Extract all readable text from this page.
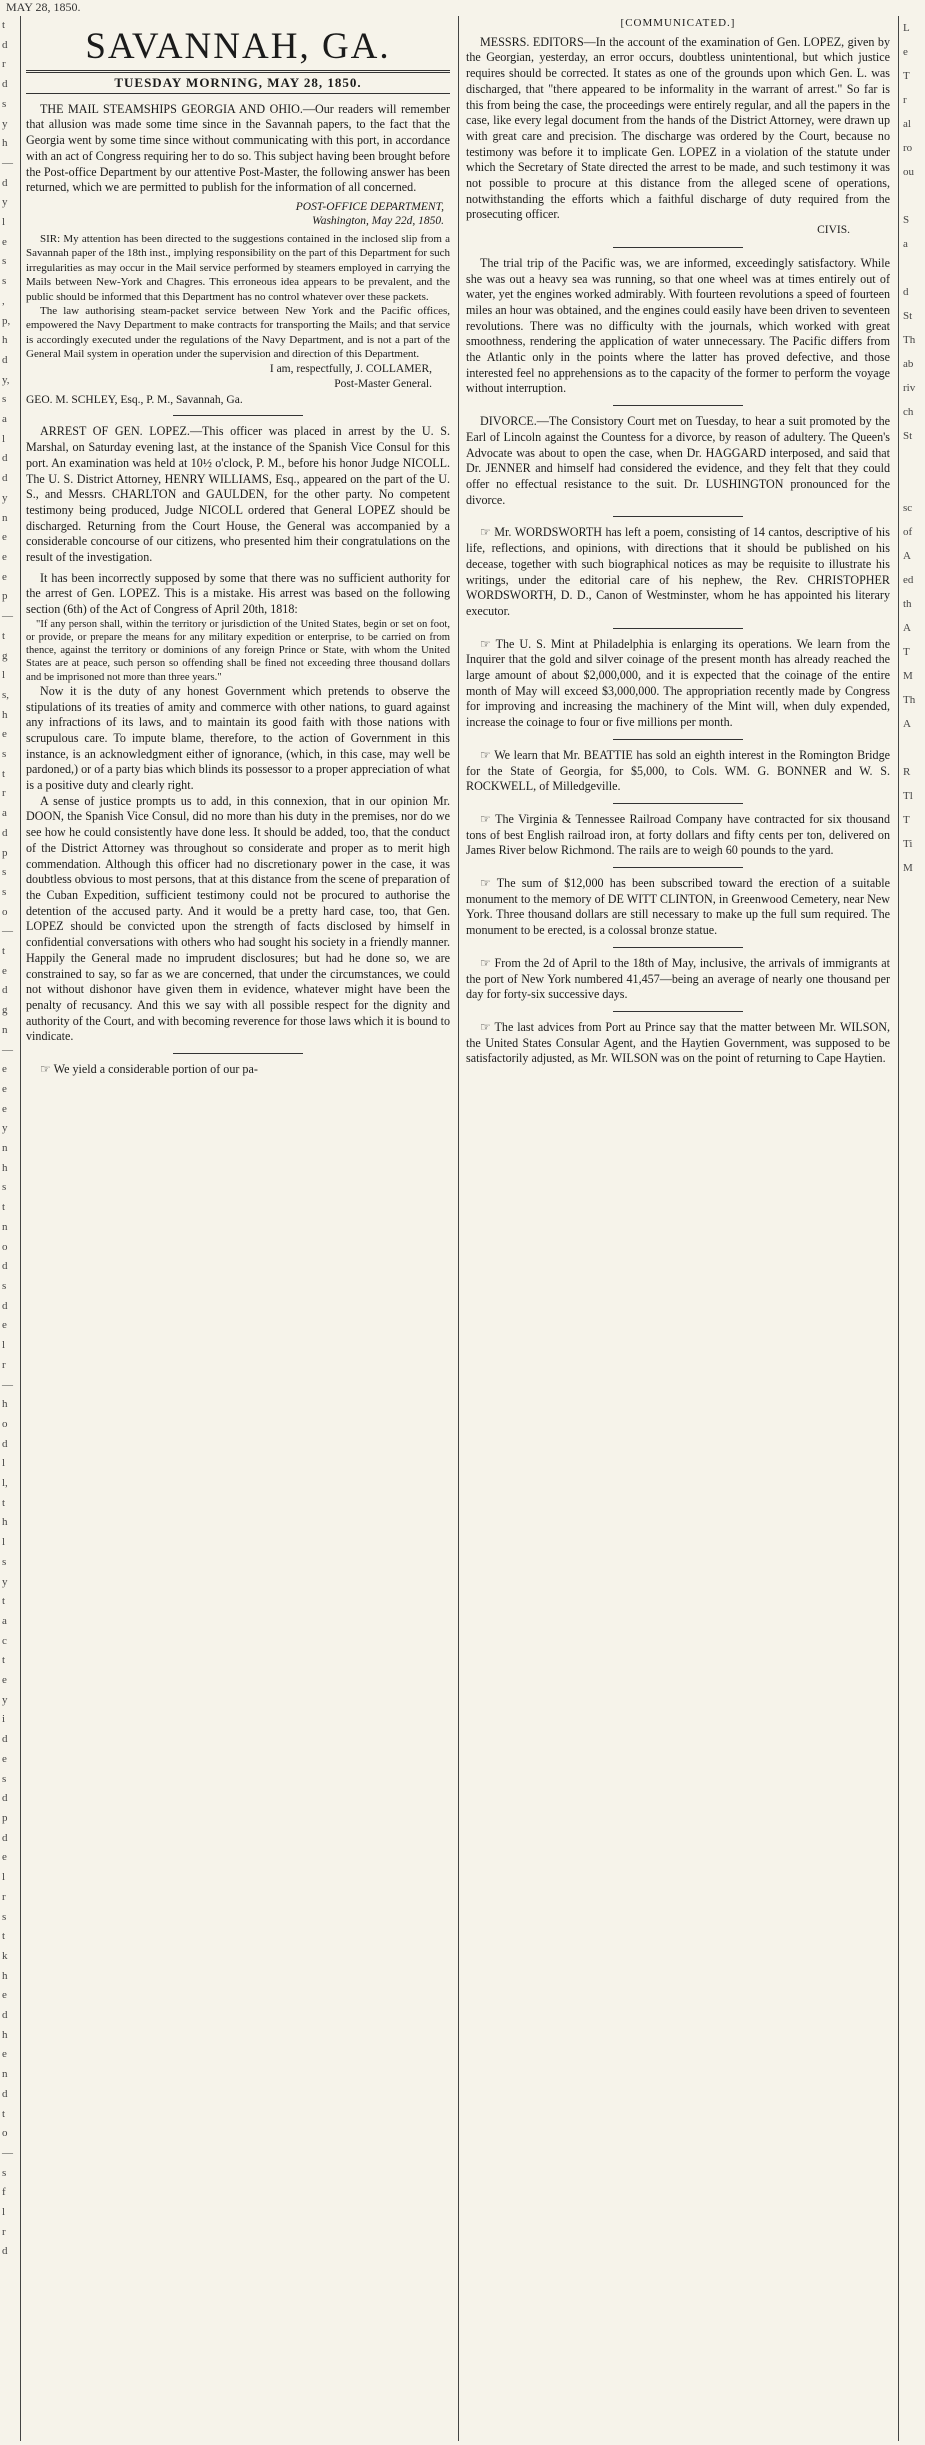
MAY 28, 1850.
t
d
r
d
s
y
h
—
d
y
l
e
s
s
,
p,
h
d
y,
s
a
l
d
d
y
n
e
e
e
p
—
t
g
l
s,
h
e
s
t
r
a
d
p
s
s
o
—
t
e
d
g
n
—
e
e
e
y
n
h
s
t
n
o
d
s
d
e
l
r
—
h
o
d
l
l,
t
h
l
s
y
t
a
c
t
e
y
i
d
e
s
d
p
d
e
l
r
s
t
k
h
e
d
h
e
n
d
t
o
—
s
f
l
r
d
L
e
T
r
al
ro
ou

S
a

d
St
Th
ab
riv
ch
St

sc
of
A
ed
th
A
T
M
Th
A

R
Tl
T
Ti
M

SAVANNAH, GA.
TUESDAY MORNING, MAY 28, 1850.

THE MAIL STEAMSHIPS GEORGIA AND OHIO.—Our readers will remember that allusion was made some time since in the Savannah papers, to the fact that the Georgia went by some time since without communicating with this port, in accordance with an act of Congress requiring her to do so. This subject having been brought before the Post-office Department by our attentive Post-Master, the following answer has been returned, which we are permitted to publish for the information of all concerned.

POST-OFFICE DEPARTMENT,
Washington, May 22d, 1850.

SIR: My attention has been directed to the suggestions contained in the inclosed slip from a Savannah paper of the 18th inst., implying responsibility on the part of this Department for such irregularities as may occur in the Mail service performed by steamers employed in carrying the Mails between New-York and Chagres. This erroneous idea appears to be prevalent, and the public should be informed that this Department has no control whatever over these packets.

The law authorising steam-packet service between New York and the Pacific offices, empowered the Navy Department to make contracts for transporting the Mails; and that service is accordingly executed under the regulations of the Navy Department, and is not a part of the General Mail system in operation under the supervision and direction of this Department.

I am, respectfully, J. COLLAMER,
Post-Master General.
GEO. M. SCHLEY, Esq., P. M., Savannah, Ga.

ARREST OF GEN. LOPEZ.—This officer was placed in arrest by the U. S. Marshal, on Saturday evening last, at the instance of the Spanish Vice Consul for this port. An examination was held at 10½ o'clock, P. M., before his honor Judge NICOLL. The U. S. District Attorney, HENRY WILLIAMS, Esq., appeared on the part of the U. S., and Messrs. CHARLTON and GAULDEN, for the other party. No competent testimony being produced, Judge NICOLL ordered that General LOPEZ should be discharged. Returning from the Court House, the General was accompanied by a considerable concourse of our citizens, who presented him their congratulations on the result of the investigation.

It has been incorrectly supposed by some that there was no sufficient authority for the arrest of Gen. LOPEZ. This is a mistake. His arrest was based on the following section (6th) of the Act of Congress of April 20th, 1818:

"If any person shall, within the territory or jurisdiction of the United States, begin or set on foot, or provide, or prepare the means for any military expedition or enterprise, to be carried on from thence, against the territory or dominions of any foreign Prince or State, with whom the United States are at peace, such person so offending shall be fined not exceeding three thousand dollars and be imprisoned not more than three years."

Now it is the duty of any honest Government which pretends to observe the stipulations of its treaties of amity and commerce with other nations, to guard against any infractions of its laws, and to maintain its good faith with those nations with scrupulous care. To impute blame, therefore, to the action of Government in this instance, is an acknowledgment either of ignorance, (which, in this case, may well be pardoned,) or of a party bias which blinds its possessor to a proper appreciation of what is a positive duty and clearly right.

A sense of justice prompts us to add, in this connexion, that in our opinion Mr. DOON, the Spanish Vice Consul, did no more than his duty in the premises, nor do we see how he could consistently have done less. It should be added, too, that the conduct of the District Attorney was throughout so considerate and proper as to merit high commendation. Although this officer had no discretionary power in the case, it was doubtless obvious to most persons, that at this distance from the scene of preparation of the Cuban Expedition, sufficient testimony could not be procured to authorise the detention of the accused party. And it would be a pretty hard case, too, that Gen. LOPEZ should be convicted upon the strength of facts disclosed by himself in confidential conversations with others who had sought his society in a friendly manner. Happily the General made no imprudent disclosures; but had he done so, we are constrained to say, so far as we are concerned, that under the circumstances, we could not without dishonor have given them in evidence, whatever might have been the penalty of recusancy. And this we say with all possible respect for the dignity and authority of the Court, and with becoming reverence for those laws which it is bound to vindicate.

☞ We yield a considerable portion of our pa-

[COMMUNICATED.]

MESSRS. EDITORS—In the account of the examination of Gen. LOPEZ, given by the Georgian, yesterday, an error occurs, doubtless unintentional, but which justice requires should be corrected. It states as one of the grounds upon which Gen. L. was discharged, that "there appeared to be informality in the warrant of arrest." So far is this from being the case, the proceedings were entirely regular, and all the papers in the case, like every legal document from the hands of the District Attorney, were drawn up with great care and precision. The discharge was ordered by the Court, because no testimony was before it to implicate Gen. LOPEZ in a violation of the statute under which the Secretary of State directed the arrest to be made, and such testimony it was not possible to procure at this distance from the alleged scene of operations, notwithstanding the efforts which a faithful discharge of duty required from the prosecuting officer.

CIVIS.

The trial trip of the Pacific was, we are informed, exceedingly satisfactory. While she was out a heavy sea was running, so that one wheel was at times entirely out of water, yet the engines worked admirably. With fourteen revolutions a speed of fourteen miles an hour was obtained, and the engines could easily have been driven to seventeen revolutions. There was no difficulty with the journals, which worked with great smoothness, rendering the application of water unnecessary. The Pacific differs from the Atlantic only in the points where the latter has proved defective, and those interested feel no apprehensions as to the capacity of the former to perform the voyage without interruption.

DIVORCE.—The Consistory Court met on Tuesday, to hear a suit promoted by the Earl of Lincoln against the Countess for a divorce, by reason of adultery. The Queen's Advocate was about to open the case, when Dr. HAGGARD interposed, and said that Dr. JENNER and himself had considered the evidence, and they felt that they could offer no effectual resistance to the suit. Dr. LUSHINGTON pronounced for the divorce.

☞ Mr. WORDSWORTH has left a poem, consisting of 14 cantos, descriptive of his life, reflections, and opinions, with directions that it should be published on his decease, together with such biographical notices as may be requisite to illustrate his writings, under the editorial care of his nephew, the Rev. CHRISTOPHER WORDSWORTH, D. D., Canon of Westminster, whom he has appointed his literary executor.

☞ The U. S. Mint at Philadelphia is enlarging its operations. We learn from the Inquirer that the gold and silver coinage of the present month has already reached the large amount of about $2,000,000, and it is expected that the coinage of the entire month of May will exceed $3,000,000. The appropriation recently made by Congress for improving and increasing the machinery of the Mint will, when duly expended, increase the coinage to four or five millions per month.

☞ We learn that Mr. BEATTIE has sold an eighth interest in the Romington Bridge for the State of Georgia, for $5,000, to Cols. WM. G. BONNER and W. S. ROCKWELL, of Milledgeville.

☞ The Virginia & Tennessee Railroad Company have contracted for six thousand tons of best English railroad iron, at forty dollars and fifty cents per ton, delivered on James River below Richmond. The rails are to weigh 60 pounds to the yard.

☞ The sum of $12,000 has been subscribed toward the erection of a suitable monument to the memory of DE WITT CLINTON, in Greenwood Cemetery, near New York. Three thousand dollars are still necessary to make up the full sum required. The monument to be erected, is a colossal bronze statue.

☞ From the 2d of April to the 18th of May, inclusive, the arrivals of immigrants at the port of New York numbered 41,457—being an average of nearly one thousand per day for forty-six successive days.

☞ The last advices from Port au Prince say that the matter between Mr. WILSON, the United States Consular Agent, and the Haytien Government, was supposed to be satisfactorily adjusted, as Mr. WILSON was on the point of returning to Cape Haytien.
